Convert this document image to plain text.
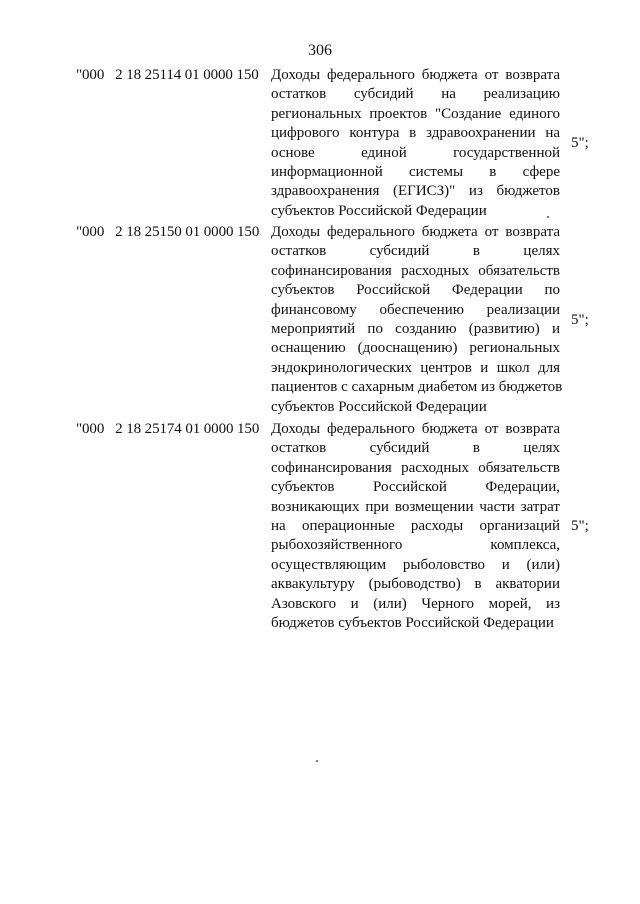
306
"000   2 18 25114 01 0000 150 Доходы федерального бюджета от возврата
остатков субсидий на реализацию
региональных проектов "Создание единого
цифрового контура в здравоохранении на
основе единой государственной
информационной системы в сфере
здравоохранения (ЕГИСЗ)" из бюджетов
субъектов Российской Федерации
5";
"000   2 18 25150 01 0000 150 Доходы федерального бюджета от возврата
остатков субсидий в целях
софинансирования расходных обязательств
субъектов Российской Федерации по
финансовому обеспечению реализации
мероприятий по созданию (развитию) и
оснащению (дооснащению) региональных
эндокринологических центров и школ для
пациентов с сахарным диабетом из бюджетов
субъектов Российской Федерации
5";
"000   2 18 25174 01 0000 150 Доходы федерального бюджета от возврата
остатков субсидий в целях
софинансирования расходных обязательств
субъектов Российской Федерации,
возникающих при возмещении части затрат
на операционные расходы организаций
рыбохозяйственного комплекса,
осуществляющим рыболовство и (или)
аквакультуру (рыбоводство) в акватории
Азовского и (или) Черного морей, из
бюджетов субъектов Российской Федерации
5";
